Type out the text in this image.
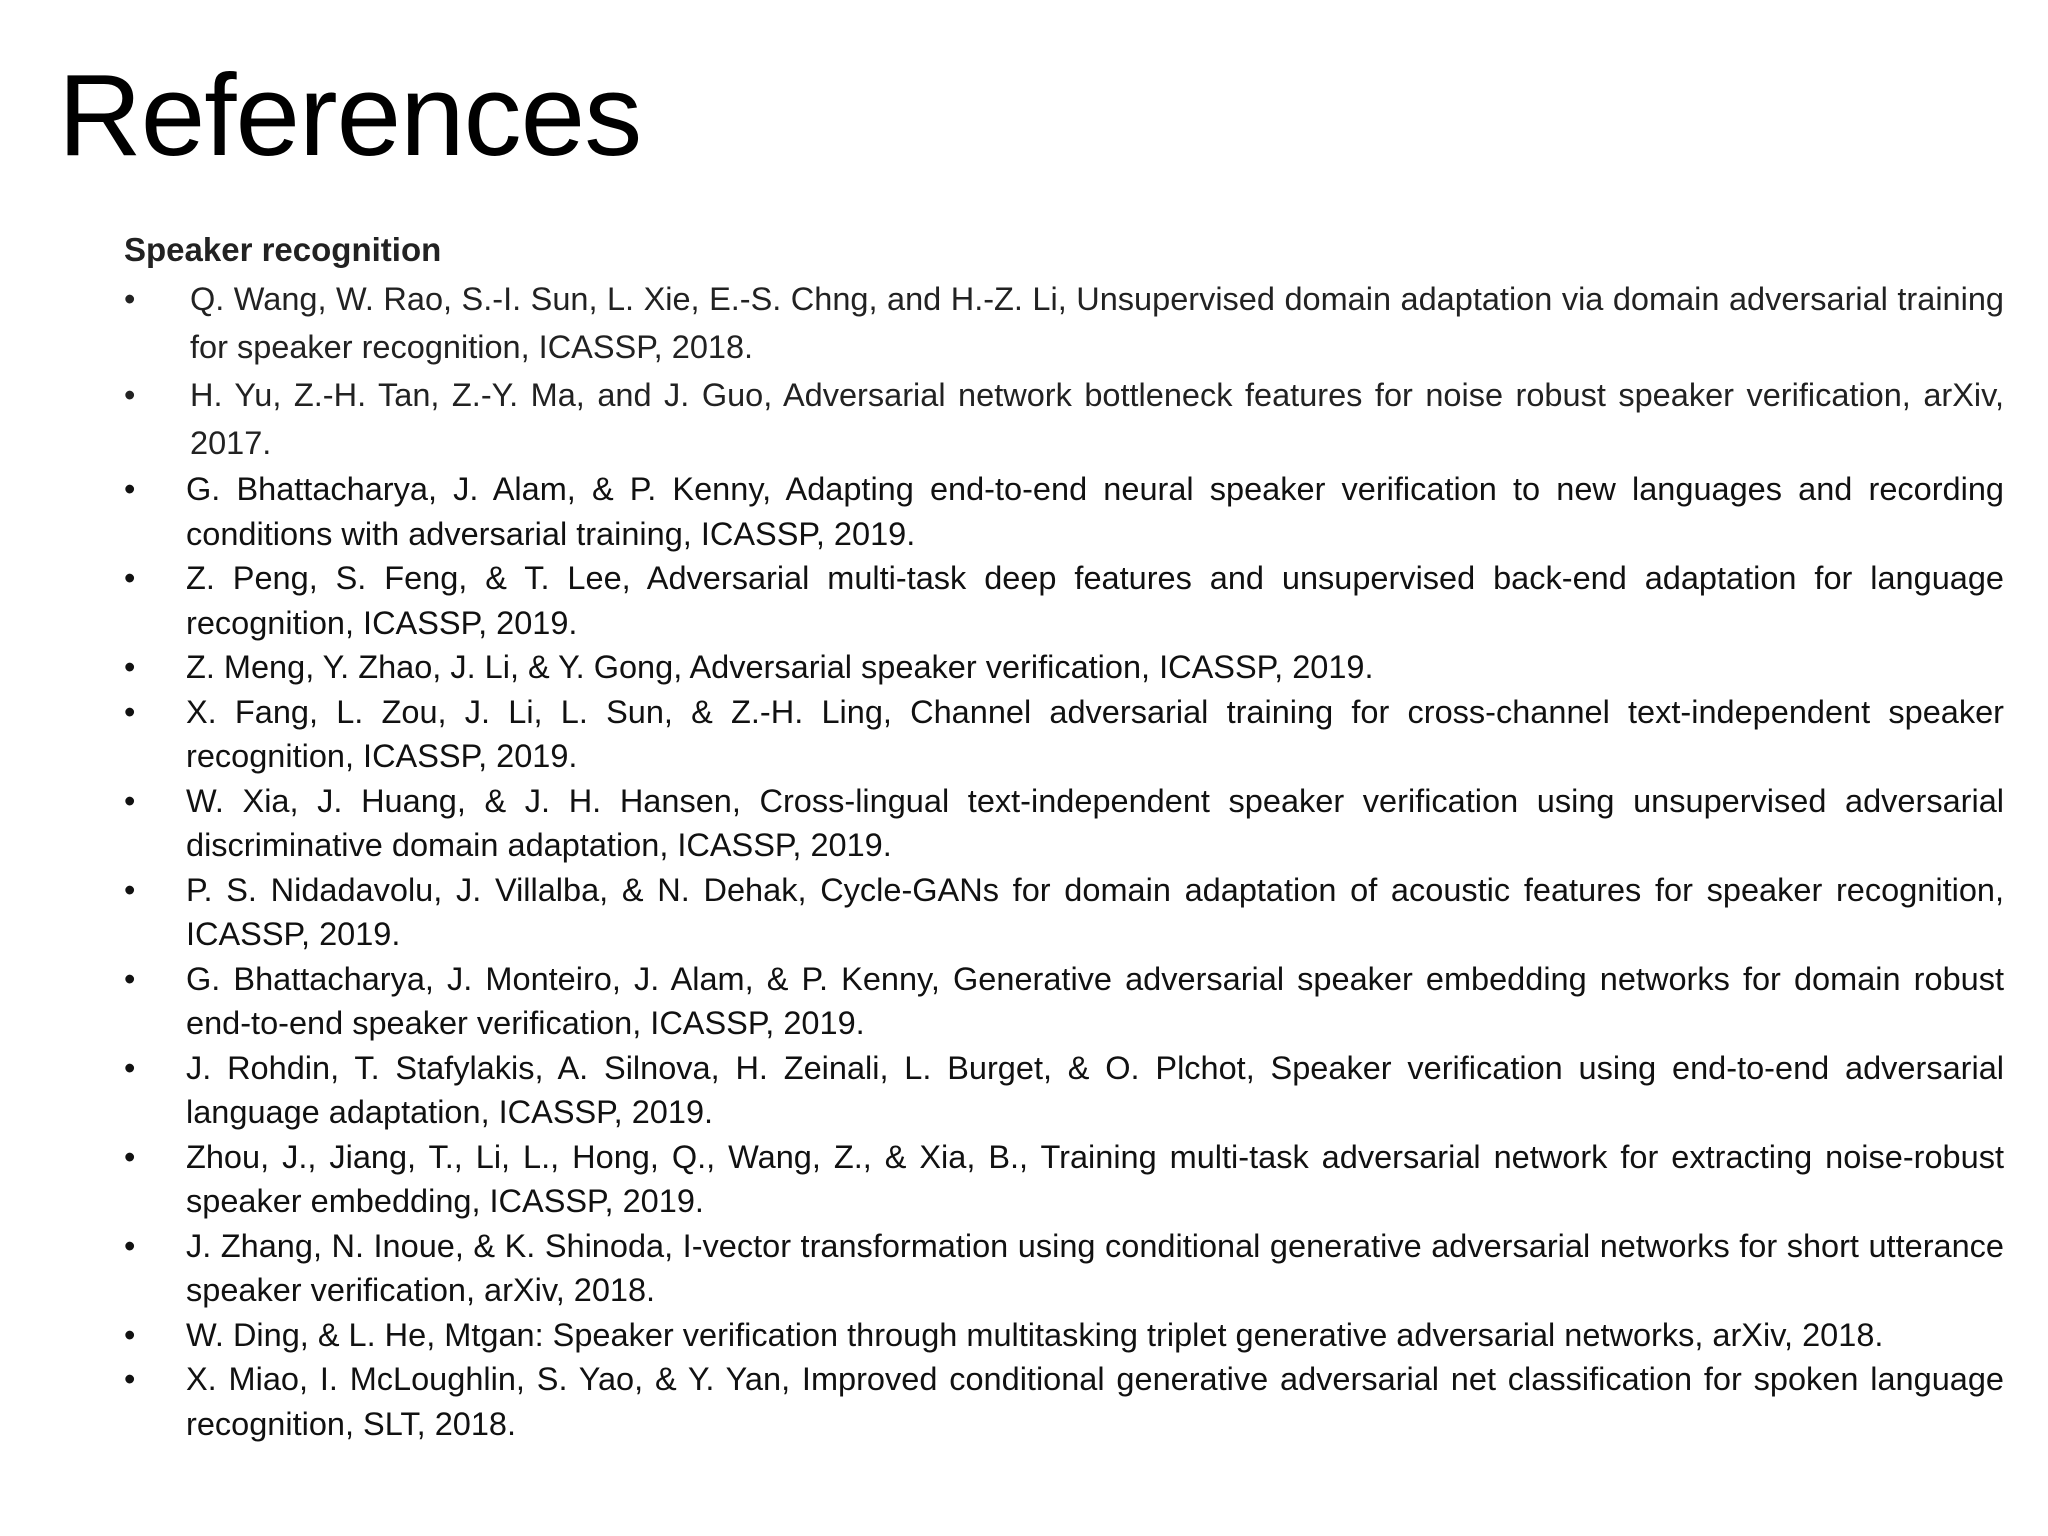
References
Speaker recognition
•	Q. Wang, W. Rao, S.-I. Sun, L. Xie, E.-S. Chng, and H.-Z. Li, Unsupervised domain adaptation via domain adversarial training for speaker recognition, ICASSP, 2018.
•	H. Yu, Z.-H. Tan, Z.-Y. Ma, and J. Guo, Adversarial network bottleneck features for noise robust speaker verification, arXiv, 2017.
•	G. Bhattacharya, J. Alam, & P. Kenny, Adapting end-to-end neural speaker verification to new languages and recording conditions with adversarial training, ICASSP, 2019.
•	Z. Peng, S. Feng, & T. Lee, Adversarial multi-task deep features and unsupervised back-end adaptation for language recognition, ICASSP, 2019.
•	Z. Meng, Y. Zhao, J. Li, & Y. Gong, Adversarial speaker verification, ICASSP, 2019.
•	X. Fang, L. Zou, J. Li, L. Sun, & Z.-H. Ling, Channel adversarial training for cross-channel text-independent speaker recognition, ICASSP, 2019.
•	W. Xia, J. Huang, & J. H. Hansen, Cross-lingual text-independent speaker verification using unsupervised adversarial discriminative domain adaptation, ICASSP, 2019.
•	P. S. Nidadavolu, J. Villalba, & N. Dehak, Cycle-GANs for domain adaptation of acoustic features for speaker recognition, ICASSP, 2019.
•	G. Bhattacharya, J. Monteiro, J. Alam, & P. Kenny, Generative adversarial speaker embedding networks for domain robust end-to-end speaker verification, ICASSP, 2019.
•	J. Rohdin, T. Stafylakis, A. Silnova, H. Zeinali, L. Burget, & O. Plchot, Speaker verification using end-to-end adversarial language adaptation, ICASSP, 2019.
•	Zhou, J., Jiang, T., Li, L., Hong, Q., Wang, Z., & Xia, B., Training multi-task adversarial network for extracting noise-robust speaker embedding, ICASSP, 2019.
•	J. Zhang, N. Inoue, & K. Shinoda, I-vector transformation using conditional generative adversarial networks for short utterance speaker verification, arXiv, 2018.
•	W. Ding, & L. He, Mtgan: Speaker verification through multitasking triplet generative adversarial networks, arXiv, 2018.
•	X. Miao, I. McLoughlin, S. Yao, & Y. Yan, Improved conditional generative adversarial net classification for spoken language recognition, SLT, 2018.
